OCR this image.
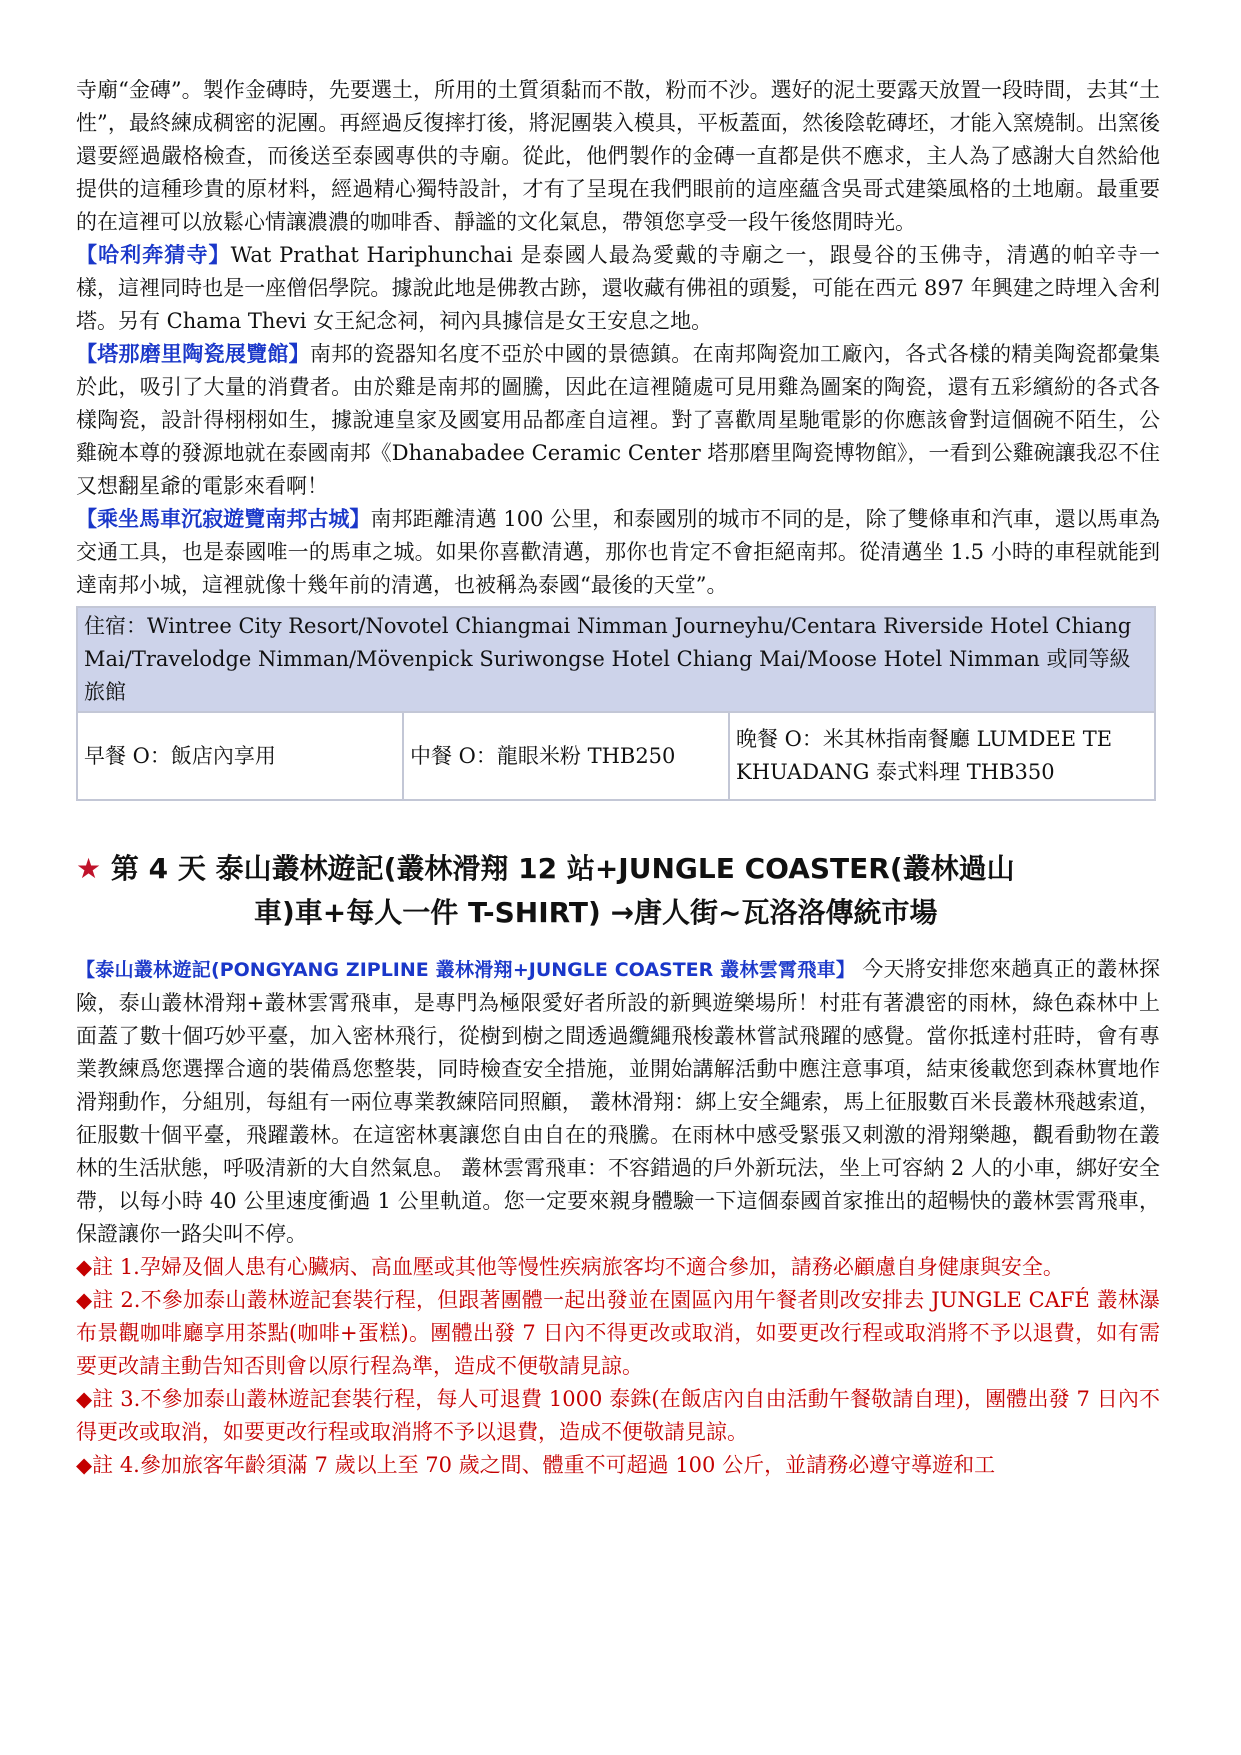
寺廟“金磚”。製作金磚時，先要選土，所用的土質須黏而不散，粉而不沙。選好的泥土要露天放置一段時間，去其“土性”，最終練成稠密的泥團。再經過反復摔打後，將泥團裝入模具，平板蓋面，然後陰乾磚坯，才能入窯燒制。出窯後還要經過嚴格檢查，而後送至泰國專供的寺廟。從此，他們製作的金磚一直都是供不應求，主人為了感謝大自然給他提供的這種珍貴的原材料，經過精心獨特設計，才有了呈現在我們眼前的這座蘊含吳哥式建築風格的土地廟。最重要的在這裡可以放鬆心情讓濃濃的咖啡香、靜謐的文化氣息，帶領您享受一段午後悠閒時光。

【哈利奔猜寺】Wat Prathat Hariphunchai 是泰國人最為愛戴的寺廟之一，跟曼谷的玉佛寺，清邁的帕辛寺一樣，這裡同時也是一座僧侶學院。據說此地是佛教古跡，還收藏有佛祖的頭髮，可能在西元 897 年興建之時埋入舍利塔。另有 Chama Thevi 女王紀念祠，祠內具據信是女王安息之地。

【塔那磨里陶瓷展覽館】南邦的瓷器知名度不亞於中國的景德鎮。在南邦陶瓷加工廠內，各式各樣的精美陶瓷都彙集於此，吸引了大量的消費者。由於雞是南邦的圖騰，因此在這裡隨處可見用雞為圖案的陶瓷，還有五彩繽紛的各式各樣陶瓷，設計得栩栩如生，據說連皇家及國宴用品都產自這裡。對了喜歡周星馳電影的你應該會對這個碗不陌生，公雞碗本尊的發源地就在泰國南邦《Dhanabadee Ceramic Center 塔那磨里陶瓷博物館》，一看到公雞碗讓我忍不住又想翻星爺的電影來看啊！

【乘坐馬車沉寂遊覽南邦古城】南邦距離清邁 100 公里，和泰國別的城市不同的是，除了雙條車和汽車，還以馬車為交通工具，也是泰國唯一的馬車之城。如果你喜歡清邁，那你也肯定不會拒絕南邦。從清邁坐 1.5 小時的車程就能到達南邦小城，這裡就像十幾年前的清邁，也被稱為泰國“最後的天堂”。

住宿：Wintree City Resort/Novotel Chiangmai Nimman Journeyhu/Centara Riverside Hotel Chiang Mai/Travelodge Nimman/Mövenpick Suriwongse Hotel Chiang Mai/Moose Hotel Nimman 或同等級旅館
早餐 O：飯店內享用	中餐 O：龍眼米粉 THB250	晚餐 O：米其林指南餐廳 LUMDEE TE KHUADANG 泰式料理 THB350
★ 第 4 天 泰山叢林遊記(叢林滑翔 12 站+JUNGLE COASTER(叢林過山
車)車+每人一件 T-SHIRT) →唐人街~瓦洛洛傳統市場

【泰山叢林遊記(PONGYANG ZIPLINE 叢林滑翔+JUNGLE COASTER 叢林雲霄飛車】 今天將安排您來趟真正的叢林探險，泰山叢林滑翔+叢林雲霄飛車，是專門為極限愛好者所設的新興遊樂場所！村莊有著濃密的雨林，綠色森林中上面蓋了數十個巧妙平臺，加入密林飛行，從樹到樹之間透過纜繩飛梭叢林嘗試飛躍的感覺。當你抵達村莊時，會有專業教練爲您選擇合適的裝備爲您整裝，同時檢查安全措施，並開始講解活動中應注意事項，結束後載您到森林實地作滑翔動作，分組別，每組有一兩位專業教練陪同照顧， 叢林滑翔：綁上安全繩索，馬上征服數百米長叢林飛越索道，征服數十個平臺，飛躍叢林。在這密林裏讓您自由自在的飛騰。在雨林中感受緊張又刺激的滑翔樂趣，觀看動物在叢林的生活狀態，呼吸清新的大自然氣息。 叢林雲霄飛車：不容錯過的戶外新玩法，坐上可容納 2 人的小車，綁好安全帶，以每小時 40 公里速度衝過 1 公里軌道。您一定要來親身體驗一下這個泰國首家推出的超暢快的叢林雲霄飛車，保證讓你一路尖叫不停。

◆註 1.孕婦及個人患有心臟病、高血壓或其他等慢性疾病旅客均不適合參加，請務必顧慮自身健康與安全。

◆註 2.不參加泰山叢林遊記套裝行程，但跟著團體一起出發並在園區內用午餐者則改安排去 JUNGLE CAFÉ 叢林瀑布景觀咖啡廳享用茶點(咖啡+蛋糕)。團體出發 7 日內不得更改或取消，如要更改行程或取消將不予以退費，如有需要更改請主動告知否則會以原行程為準，造成不便敬請見諒。

◆註 3.不參加泰山叢林遊記套裝行程，每人可退費 1000 泰銖(在飯店內自由活動午餐敬請自理)，團體出發 7 日內不得更改或取消，如要更改行程或取消將不予以退費，造成不便敬請見諒。

◆註 4.參加旅客年齡須滿 7 歲以上至 70 歲之間、體重不可超過 100 公斤，並請務必遵守導遊和工
